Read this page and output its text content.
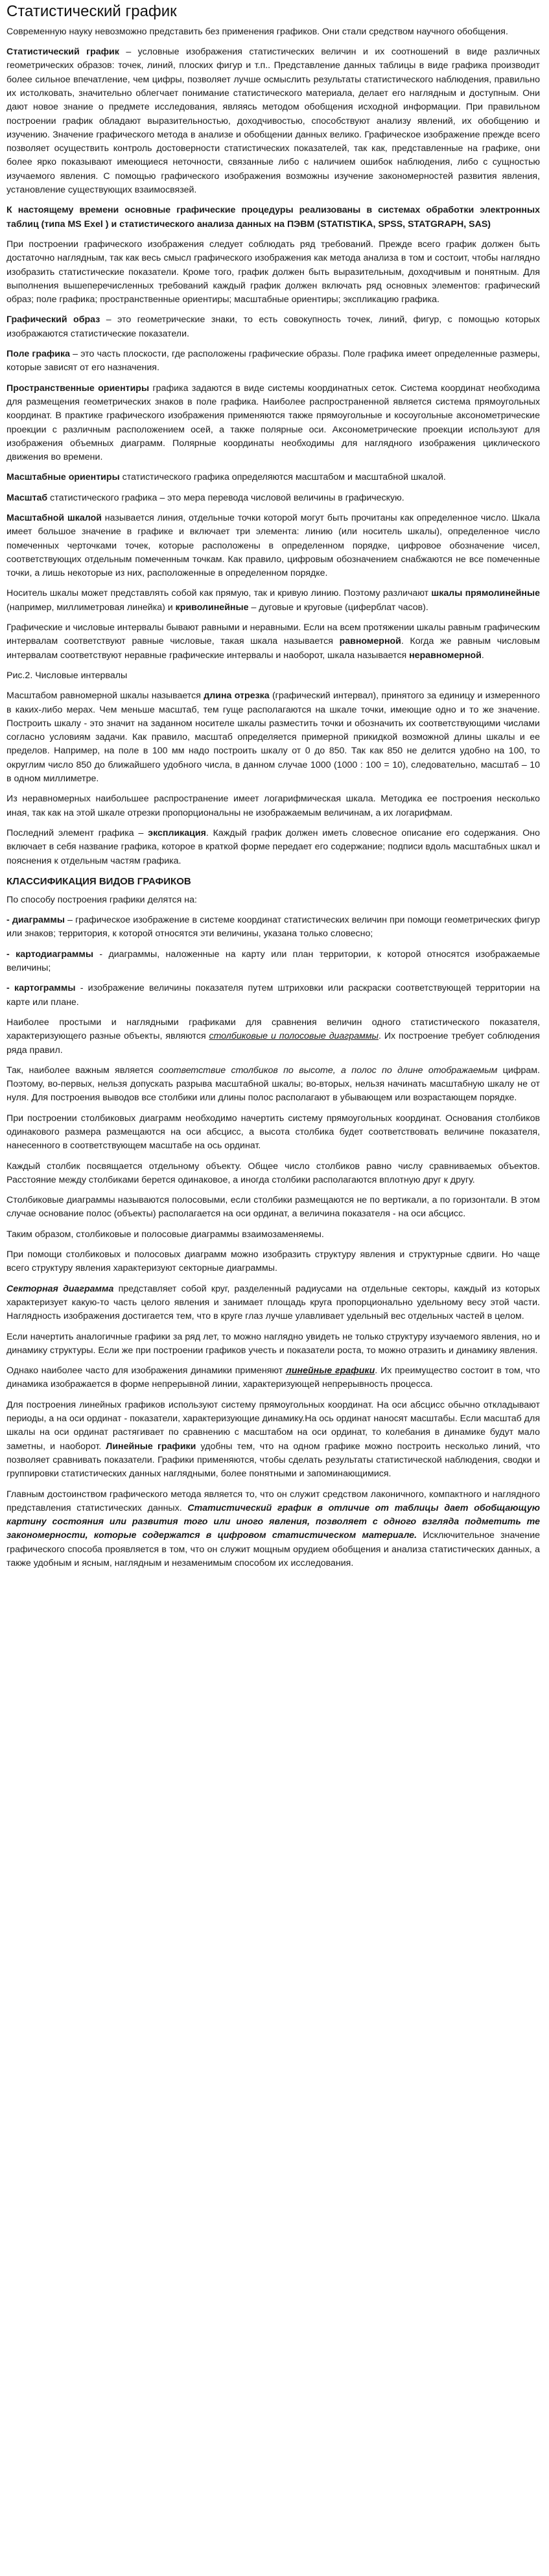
Статистический график

Современную науку невозможно представить без применения графиков. Они стали средством научного обобщения.

Статистический график – условные изображения статистических величин и их соотношений в виде различных геометрических образов: точек, линий, плоских фигур и т.п.. Представление данных таблицы в виде графика производит более сильное впечатление, чем цифры, позволяет лучше осмыслить результаты статистического наблюдения, правильно их истолковать, значительно облегчает понимание статистического материала, делает его наглядным и доступным. Они дают новое знание о предмете исследования, являясь методом обобщения исходной информации. При правильном построении график обладают выразительностью, доходчивостью, способствуют анализу явлений, их обобщению и изучению. Значение графического метода в анализе и обобщении данных велико. Графическое изображение прежде всего позволяет осуществить контроль достоверности статистических показателей, так как, представленные на графике, они более ярко показывают имеющиеся неточности, связанные либо с наличием ошибок наблюдения, либо с сущностью изучаемого явления. С помощью графического изображения возможны изучение закономерностей развития явления, установление существующих взаимосвязей.

К настоящему времени основные графические процедуры реализованы в системах обработки электронных таблиц (типа MS Exel ) и статистического анализа данных на ПЭВМ (STATISTIKA, SPSS, STATGRAPH, SAS)

При построении графического изображения следует соблюдать ряд требований. Прежде всего график должен быть достаточно наглядным, так как весь смысл графического изображения как метода анализа в том и состоит, чтобы наглядно изобразить статистические показатели. Кроме того, график должен быть выразительным, доходчивым и понятным. Для выполнения вышеперечисленных требований каждый график должен включать ряд основных элементов: графический образ; поле графика; пространственные ориентиры; масштабные ориентиры; экспликацию графика.

Графический образ – это геометрические знаки, то есть совокупность точек, линий, фигур, с помощью которых изображаются статистические показатели.

Поле графика – это часть плоскости, где расположены графические образы. Поле графика имеет определенные размеры, которые зависят от его назначения.

Пространственные ориентиры графика задаются в виде системы координатных сеток. Система координат необходима для размещения геометрических знаков в поле графика. Наиболее распространенной является система прямоугольных координат. В практике графического изображения применяются также прямоугольные и косоугольные аксонометрические проекции с различным расположением осей, а также полярные оси. Аксонометрические проекции используют для изображения объемных диаграмм. Полярные координаты необходимы для наглядного изображения циклического движения во времени.

Масштабные ориентиры статистического графика определяются масштабом и масштабной шкалой.

Масштаб статистического графика – это мера перевода числовой величины в графическую.

Масштабной шкалой называется линия, отдельные точки которой могут быть прочитаны как определенное число. Шкала имеет большое значение в графике и включает три элемента: линию (или носитель шкалы), определенное число помеченных черточками точек, которые расположены в определенном порядке, цифровое обозначение чисел, соответствующих отдельным помеченным точкам. Как правило, цифровым обозначением снабжаются не все помеченные точки, а лишь некоторые из них, расположенные в определенном порядке.

Носитель шкалы может представлять собой как прямую, так и кривую линию. Поэтому различают шкалы прямолинейные (например, миллиметровая линейка) и криволинейные – дуговые и круговые (циферблат часов).

Графические и числовые интервалы бывают равными и неравными. Если на всем протяжении шкалы равным графическим интервалам соответствуют равные числовые, такая шкала называется равномерной. Когда же равным числовым интервалам соответствуют неравные графические интервалы и наоборот, шкала называется неравномерной.

Рис.2. Числовые интервалы

Масштабом равномерной шкалы называется длина отрезка (графический интервал), принятого за единицу и измеренного в каких-либо мерах. Чем меньше масштаб, тем гуще располагаются на шкале точки, имеющие одно и то же значение. Построить шкалу - это значит на заданном носителе шкалы разместить точки и обозначить их соответствующими числами согласно условиям задачи. Как правило, масштаб определяется примерной прикидкой возможной длины шкалы и ее пределов. Например, на поле в 100 мм надо построить шкалу от 0 до 850. Так как 850 не делится удобно на 100, то округлим число 850 до ближайшего удобного числа, в данном случае 1000 (1000 : 100 = 10), следовательно, масштаб – 10 в одном миллиметре.

Из неравномерных наибольшее распространение имеет логарифмическая шкала. Методика ее построения несколько иная, так как на этой шкале отрезки пропорциональны не изображаемым величинам, а их логарифмам.

Последний элемент графика – экспликация. Каждый график должен иметь словесное описание его содержания. Оно включает в себя название графика, которое в краткой форме передает его содержание; подписи вдоль масштабных шкал и пояснения к отдельным частям графика.

КЛАССИФИКАЦИЯ ВИДОВ ГРАФИКОВ

По способу построения графики делятся на:

- диаграммы – графическое изображение в системе координат статистических величин при помощи геометрических фигур или знаков; территория, к которой относятся эти величины, указана только словесно;

- картодиаграммы - диаграммы, наложенные на карту или план территории, к которой относятся изображаемые величины;

- картограммы - изображение величины показателя путем штриховки или раскраски соответствующей территории на карте или плане.

Наиболее простыми и наглядными графиками для сравнения величин одного статистического показателя, характеризующего разные объекты, являются столбиковые и полосовые диаграммы. Их построение требует соблюдения ряда правил.

Так, наиболее важным является соответствие столбиков по высоте, а полос по длине отображаемым цифрам. Поэтому, во-первых, нельзя допускать разрыва масштабной шкалы; во-вторых, нельзя начинать масштабную шкалу не от нуля. Для построения выводов все столбики или длины полос располагают в убывающем или возрастающем порядке.

При построении столбиковых диаграмм необходимо начертить систему прямоугольных координат. Основания столбиков одинакового размера размещаются на оси абсцисс, а высота столбика будет соответствовать величине показателя, нанесенного в соответствующем масштабе на ось ординат.

Каждый столбик посвящается отдельному объекту. Общее число столбиков равно числу сравниваемых объектов. Расстояние между столбиками берется одинаковое, а иногда столбики располагаются вплотную друг к другу.

Столбиковые диаграммы называются полосовыми, если столбики размещаются не по вертикали, а по горизонтали. В этом случае основание полос (объекты) располагается на оси ординат, а величина показателя - на оси абсцисс.

Таким образом, столбиковые и полосовые диаграммы взаимозаменяемы.

При помощи столбиковых и полосовых диаграмм можно изобразить структуру явления и структурные сдвиги. Но чаще всего структуру явления характеризуют секторные диаграммы.

Секторная диаграмма представляет собой круг, разделенный радиусами на отдельные секторы, каждый из которых характеризует какую-то часть целого явления и занимает площадь круга пропорционально удельному весу этой части. Наглядность изображения достигается тем, что в круге глаз лучше улавливает удельный вес отдельных частей в целом.

Если начертить аналогичные графики за ряд лет, то можно наглядно увидеть не только структуру изучаемого явления, но и динамику структуры. Если же при построении графиков учесть и показатели роста, то можно отразить и динамику явления.

Однако наиболее часто для изображения динамики применяют линейные графики. Их преимущество состоит в том, что динамика изображается в форме непрерывной линии, характеризующей непрерывность процесса.

Для построения линейных графиков используют систему прямоугольных координат. На оси абсцисс обычно откладывают периоды, а на оси ординат - показатели, характеризующие динамику.На ось ординат наносят масштабы. Если масштаб для шкалы на оси ординат растягивает по сравнению с масштабом на оси ординат, то колебания в динамике будут мало заметны, и наоборот. Линейные графики удобны тем, что на одном графике можно построить несколько линий, что позволяет сравнивать показатели. Графики применяются, чтобы сделать результаты статистической наблюдения, сводки и группировки статистических данных наглядными, более понятными и запоминающимися.

Главным достоинством графического метода является то, что он служит средством лаконичного, компактного и наглядного представления статистических данных. Статистический график в отличие от таблицы дает обобщающую картину состояния или развития того или иного явления, позволяет с одного взгляда подметить те закономерности, которые содержатся в цифровом статистическом материале. Исключительное значение графического способа проявляется в том, что он служит мощным орудием обобщения и анализа статистических данных, а также удобным и ясным, наглядным и незаменимым способом их исследования.
